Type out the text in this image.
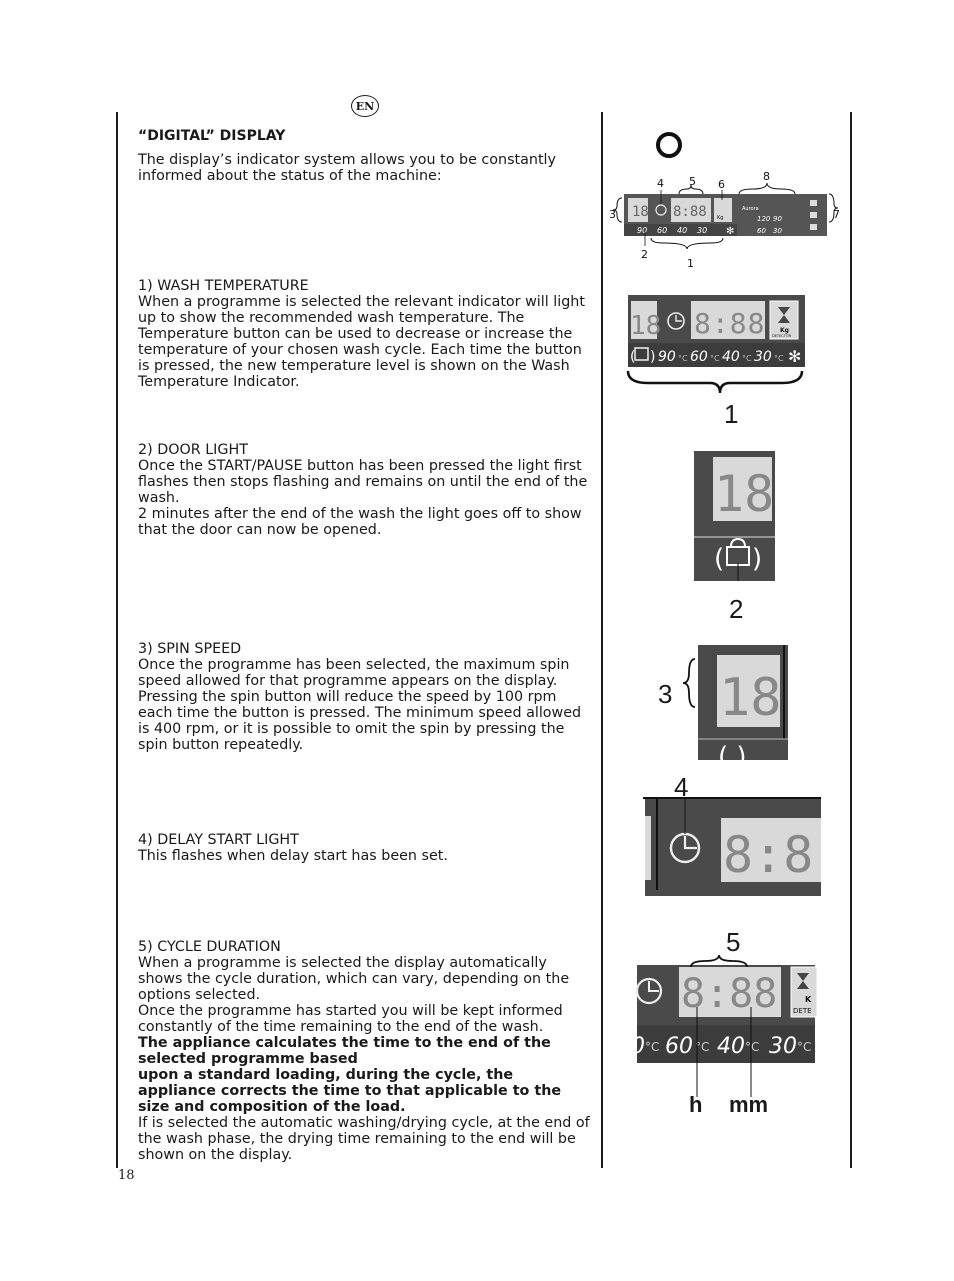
EN
“DIGITAL” DISPLAY

The display’s indicator system allows you to be constantly informed about the status of the machine:

1) WASH TEMPERATURE

When a programme is selected the relevant indicator will light up to show the recommended wash temperature. The Temperature button can be used to decrease or increase the temperature of your chosen wash cycle. Each time the button is pressed, the new temperature level is shown on the Wash Temperature Indicator.

2) DOOR LIGHT

Once the START/PAUSE button has been pressed the light first flashes then stops flashing and remains on until the end of the wash.

2 minutes after the end of the wash the light goes off to show that the door can now be opened.

3) SPIN SPEED

Once the programme has been selected, the maximum spin speed allowed for that programme appears on the display. Pressing the spin button will reduce the speed by 100 rpm each time the button is pressed. The minimum speed allowed is 400 rpm, or it is possible to omit the spin by pressing the spin button repeatedly.

4) DELAY START LIGHT

This flashes when delay start has been set.

5) CYCLE DURATION

When a programme is selected the display automatically shows the cycle duration, which can vary, depending on the options selected.

Once the programme has started you will be kept informed constantly of the time remaining to the end of the wash.

The appliance calculates the time to the end of the selected programme based

upon a standard loading, during the cycle, the appliance corrects the time to that applicable to the

size and composition of the load.

If is selected the automatic washing/drying cycle, at the end of the wash phase, the drying time remaining to the end will be shown on the display.

18
18 8:88 Kg
90 60 40 30 ✻
Aurora
120 90
60 30
3	7
4 5 6
8
2
1
18 8:88 Kg
DETECTOR
( ) 90 °C 60 °C 40 °C 30 °C ✻
1
18
( )
2
18
( )
3
8:8
4
5
8:88	K
DETE
0 °C 60 °C 40 °C 30 °C
h mm
